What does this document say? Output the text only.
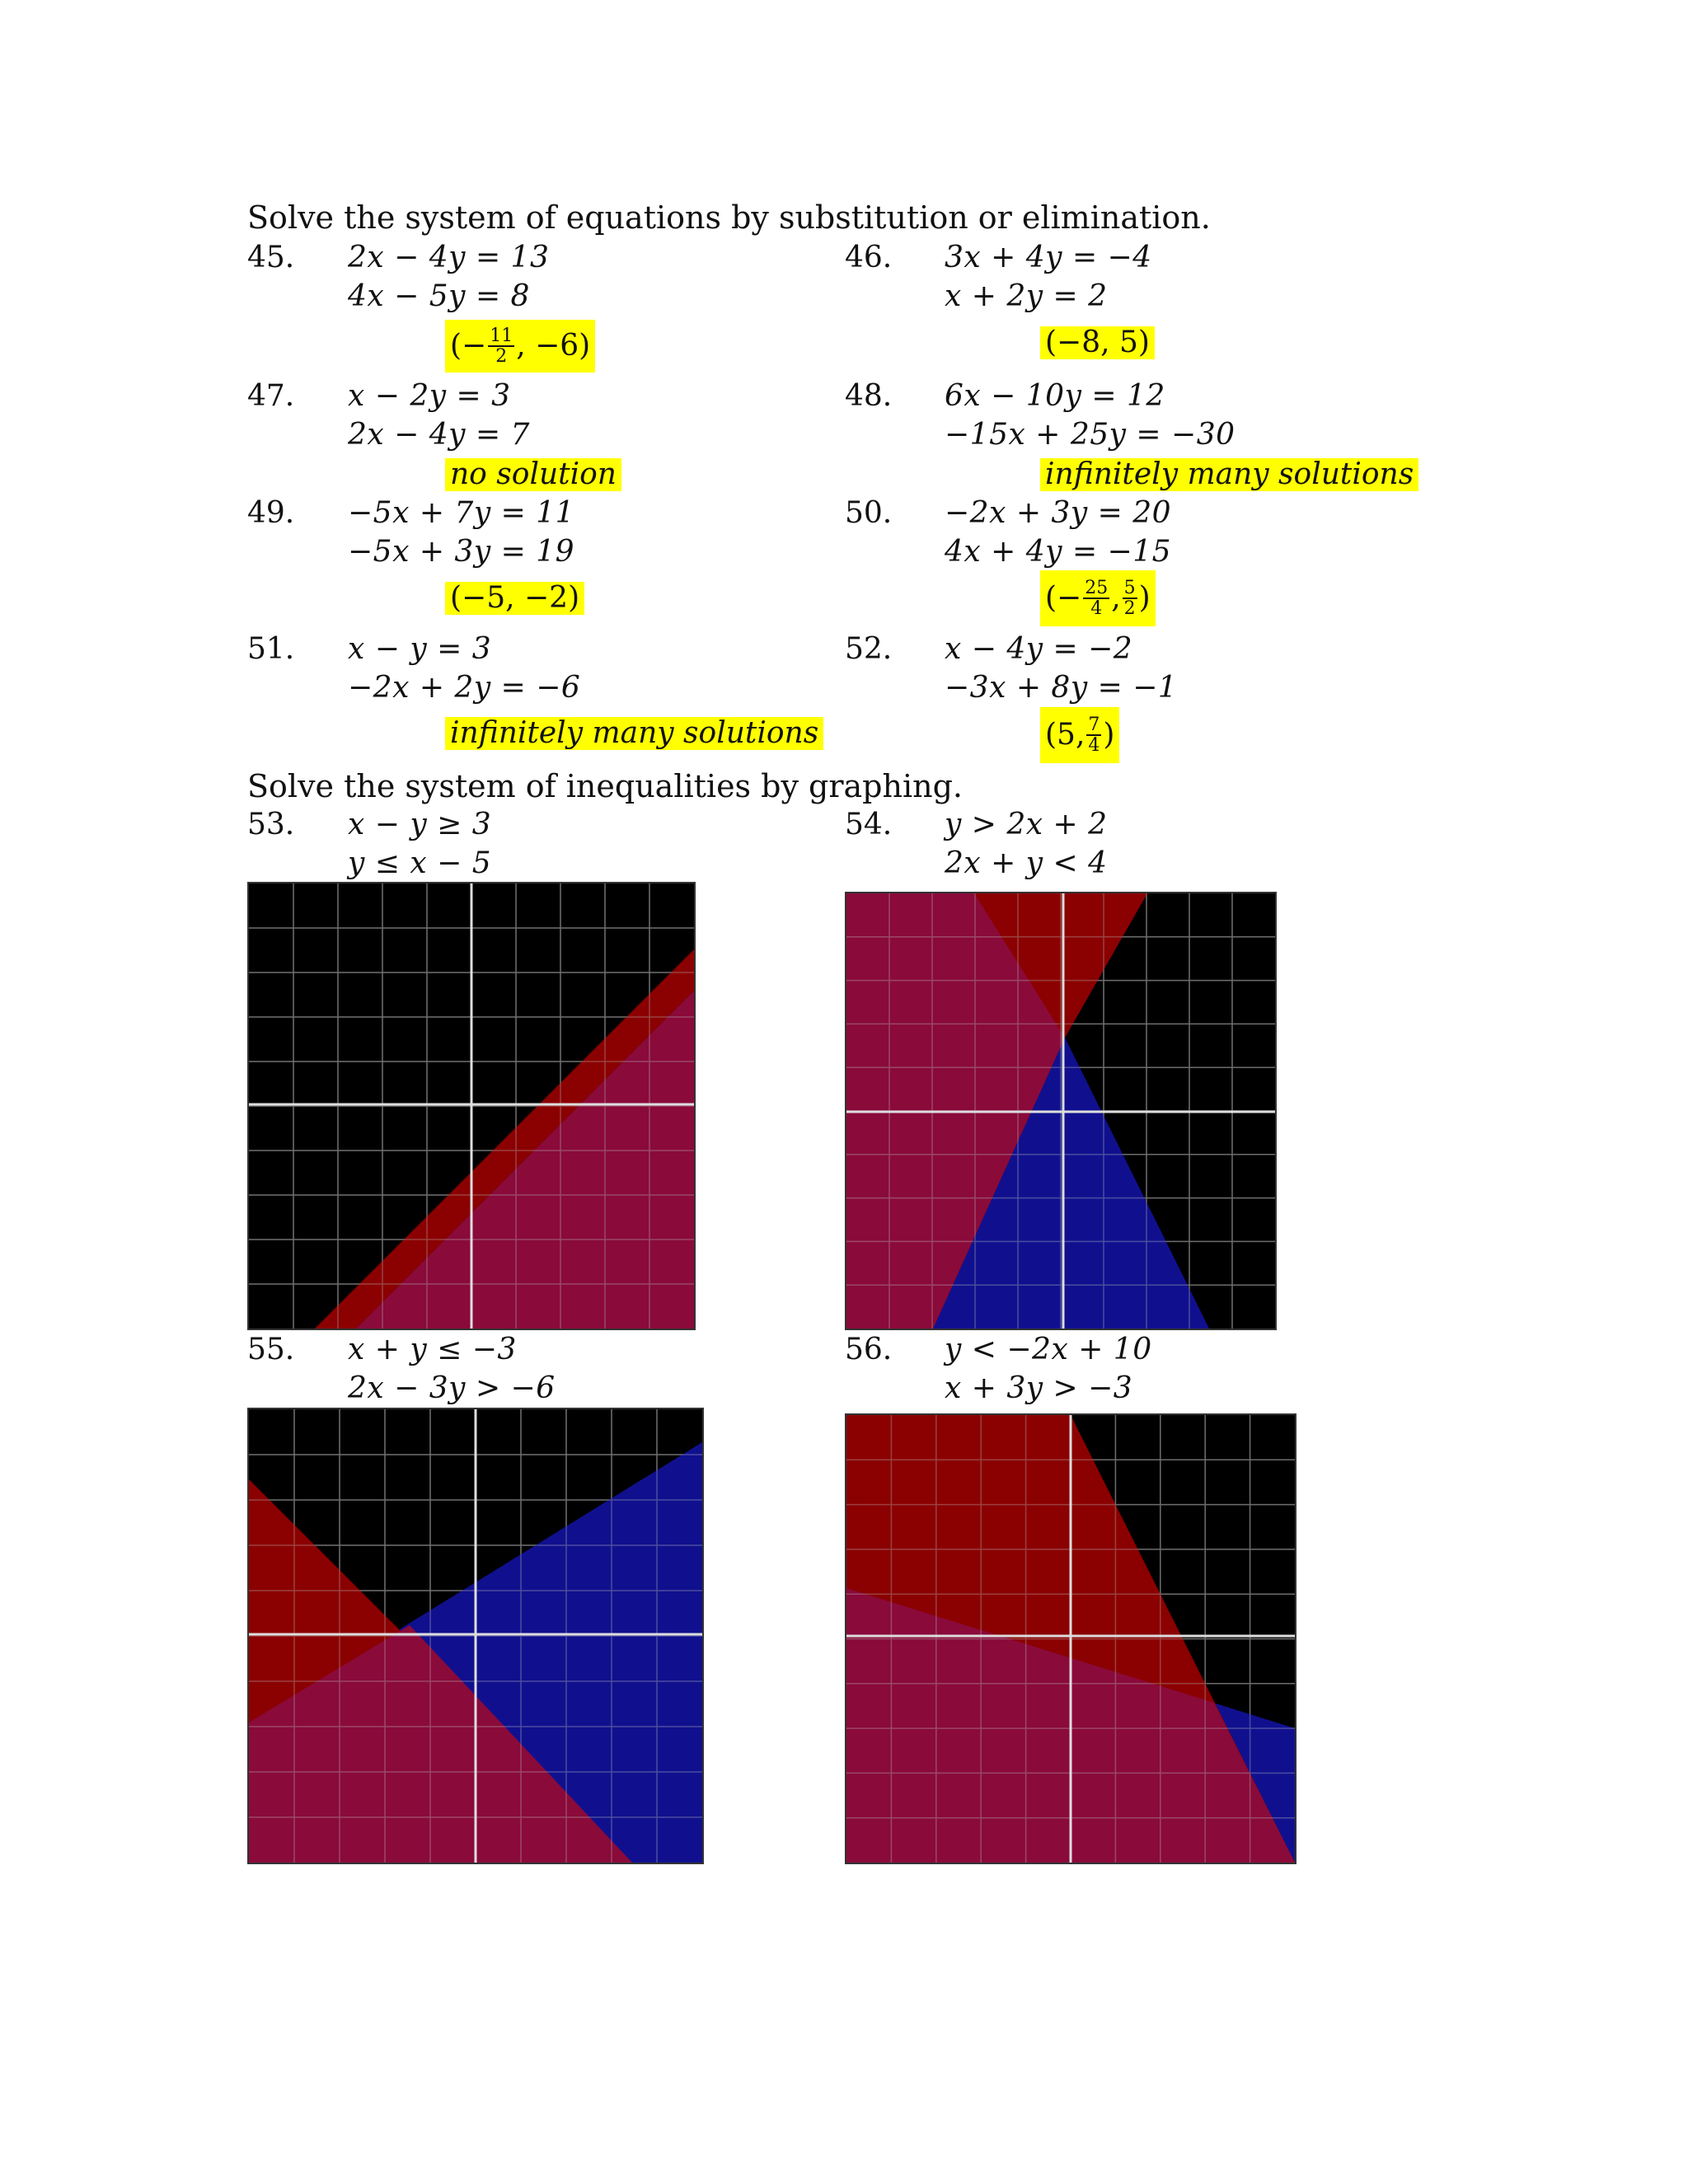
Solve the system of equations by substitution or elimination.
45. 2x − 4y = 13
4x − 5y = 8
(− $\frac{11}{2}$ , −6)
46. 3x + 4y = −4
x + 2y = 2
(−8, 5)
47. x − 2y = 3
2x − 4y = 7
no solution
48. 6x − 10y = 12
−15x + 25y = −30
infinitely many solutions
49. −5x + 7y = 11
−5x + 3y = 19
(−5, −2)
50. −2x + 3y = 20
4x + 4y = −15
(− $\frac{25}{4}$ , $\frac{5}{2}$ )
51. x − y = 3
−2x + 2y = −6
infinitely many solutions
52. x − 4y = −2
−3x + 8y = −1
(5, $\frac{7}{4}$ )
Solve the system of inequalities by graphing.
53. x − y ≥ 3
y ≤ x − 5
54. y > 2x + 2
2x + y < 4
55. x + y ≤ −3
2x − 3y > −6
56. y < −2x + 10
x + 3y > −3
